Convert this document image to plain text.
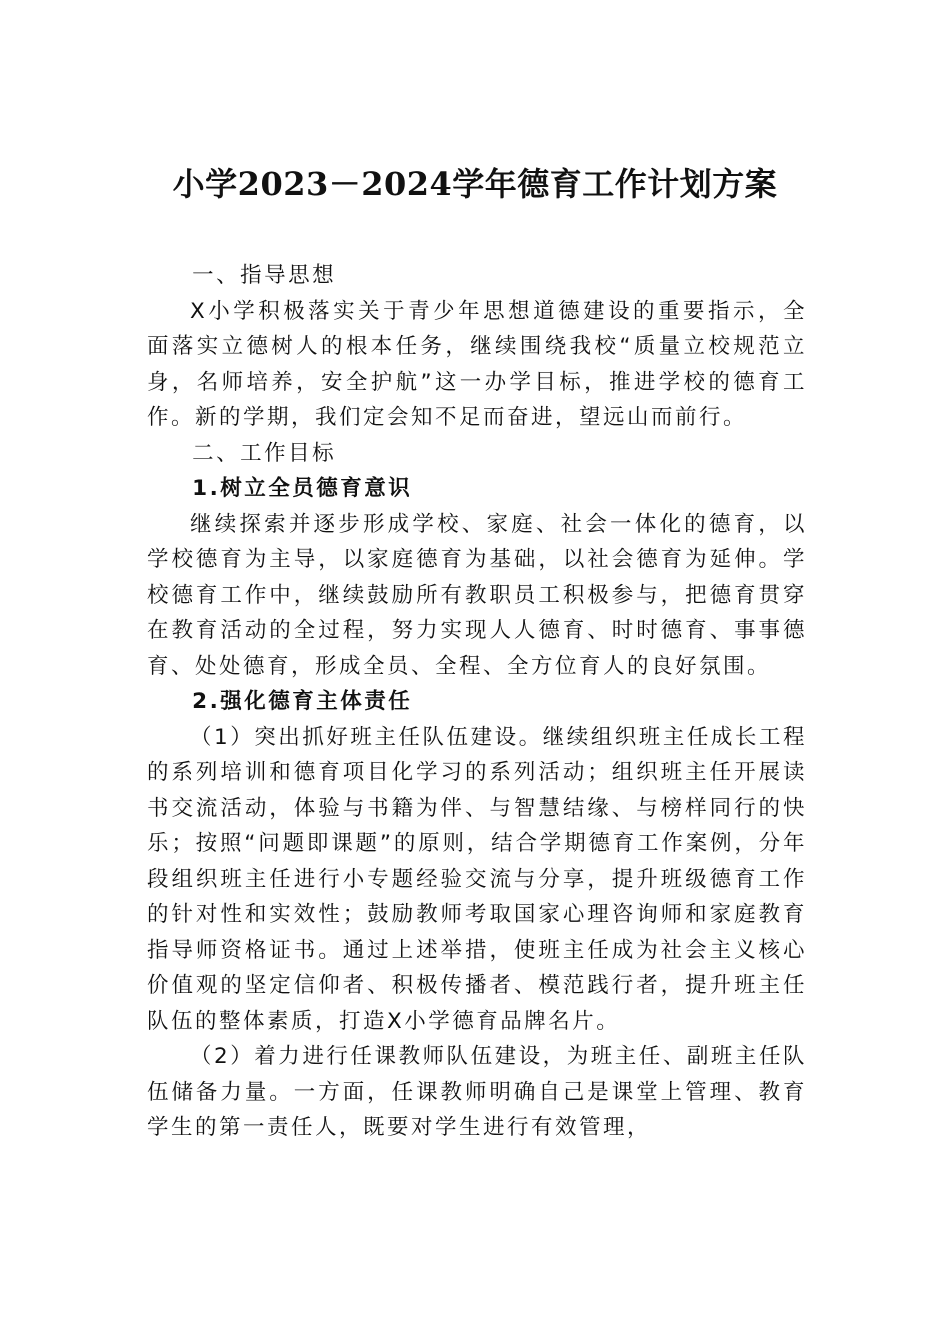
小学2023－2024学年德育工作计划方案
一、指导思想

X小学积极落实关于青少年思想道德建设的重要指示，全面落实立德树人的根本任务，继续围绕我校“质量立校规范立身，名师培养，安全护航”这一办学目标，推进学校的德育工作。新的学期，我们定会知不足而奋进，望远山而前行。

二、工作目标
1.树立全员德育意识

继续探索并逐步形成学校、家庭、社会一体化的德育，以学校德育为主导，以家庭德育为基础，以社会德育为延伸。学校德育工作中，继续鼓励所有教职员工积极参与，把德育贯穿在教育活动的全过程，努力实现人人德育、时时德育、事事德育、处处德育，形成全员、全程、全方位育人的良好氛围。

2.强化德育主体责任

（1）突出抓好班主任队伍建设。继续组织班主任成长工程的系列培训和德育项目化学习的系列活动；组织班主任开展读书交流活动，体验与书籍为伴、与智慧结缘、与榜样同行的快乐；按照“问题即课题”的原则，结合学期德育工作案例，分年段组织班主任进行小专题经验交流与分享，提升班级德育工作的针对性和实效性；鼓励教师考取国家心理咨询师和家庭教育指导师资格证书。通过上述举措，使班主任成为社会主义核心价值观的坚定信仰者、积极传播者、模范践行者，提升班主任队伍的整体素质，打造X小学德育品牌名片。

（2）着力进行任课教师队伍建设，为班主任、副班主任队伍储备力量。一方面，任课教师明确自己是课堂上管理、教育学生的第一责任人，既要对学生进行有效管理，
